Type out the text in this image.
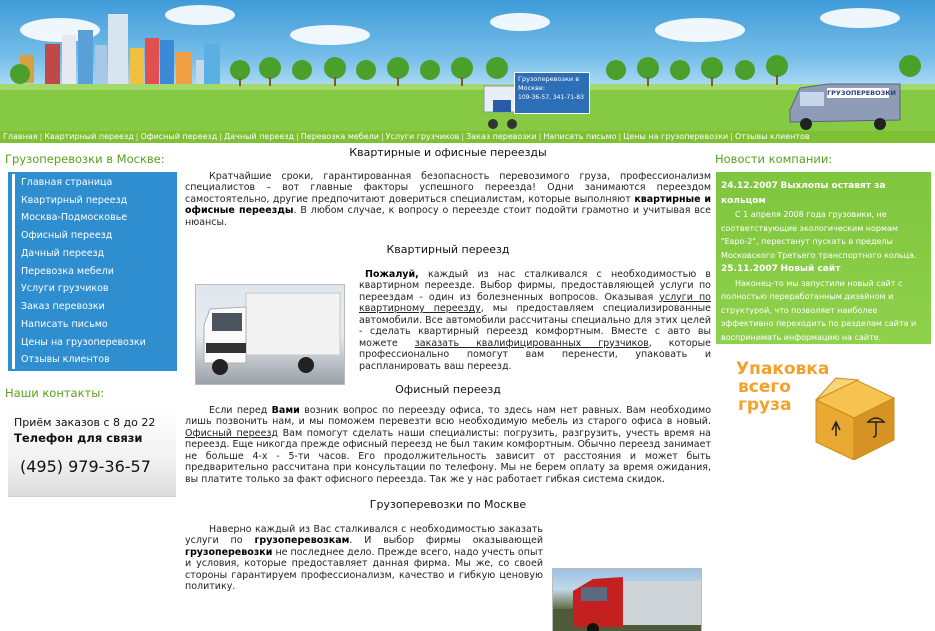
Грузоперевозки в Москве:
109-36-57, 341-71-83
ГРУЗОПЕРЕВОЗКИ
Главная | Квартирный переезд | Офисный переезд | Дачный переезд | Перевозка мебели | Услуги грузчиков | Заказ перевозки | Написать письмо | Цены на грузоперевозки | Отзывы клиентов
Грузоперевозки в Москве:
Главная страница
Квартирный переезд
Москва-Подмосковье
Офисный переезд
Дачный переезд
Перевозка мебели
Услуги грузчиков
Заказ перевозки
Написать письмо
Цены на грузоперевозки
Отзывы клиентов
Наши контакты:
Приём заказов с 8 до 22
Телефон для связи
(495) 979-36-57
Квартирные и офисные переезды

Кратчайшие сроки, гарантированная безопасность перевозимого груза, профессионализм специалистов – вот главные факторы успешного переезда! Одни занимаются переездом самостоятельно, другие предпочитают довериться специалистам, которые выполняют квартирные и офисные переезды. В любом случае, к вопросу о переезде стоит подойти грамотно и учитывая все нюансы.

Квартирный переезд

Пожалуй, каждый из нас сталкивался с необходимостью в квартирном переезде. Выбор фирмы, предоставляющей услуги по переездам - один из болезненных вопросов. Оказывая услуги по квартирному переезду, мы предоставляем специализированные автомобили. Все автомобили рассчитаны специально для этих целей - сделать квартирный переезд комфортным. Вместе с авто вы можете заказать квалифицированных грузчиков, которые профессионально помогут вам перенести, упаковать и распланировать ваш переезд.

Офисный переезд

Если перед Вами возник вопрос по переезду офиса, то здесь нам нет равных. Вам необходимо лишь позвонить нам, и мы поможем перевезти всю необходимую мебель из старого офиса в новый. Офисный переезд Вам помогут сделать наши специалисты: погрузить, разгрузить, учесть время на переезд. Еще никогда прежде офисный переезд не был таким комфортным. Обычно переезд занимает не больше 4-х - 5-ти часов. Его продолжительность зависит от расстояния и может быть предварительно рассчитана при консультации по телефону. Мы не берем оплату за время ожидания, вы платите только за факт офисного переезда. Так же у нас работает гибкая система скидок.

Грузоперевозки по Москве

Наверно каждый из Вас сталкивался с необходимостью заказать услуги по грузоперевозкам. И выбор фирмы оказывающей грузоперевозки не последнее дело. Прежде всего, надо учесть опыт и условия, которые предоставляет данная фирма. Мы же, со своей стороны гарантируем профессионализм, качество и гибкую ценовую политику.

Новости компании:
24.12.2007 Выхлопы оставят за кольцом

С 1 апреля 2008 года грузовики, не соответствующие экологическим нормам "Евро-2", перестанут пускать в пределы Московского Третьего транспортного кольца.

25.11.2007 Новый сайт

Наконец-то мы запустили новый сайт с полностью переработанным дизайном и структурой, что позволяет наиболее эффективно переходить по разделам сайта и воспринимать информацию на сайте.

Упаковка
всего
груза
